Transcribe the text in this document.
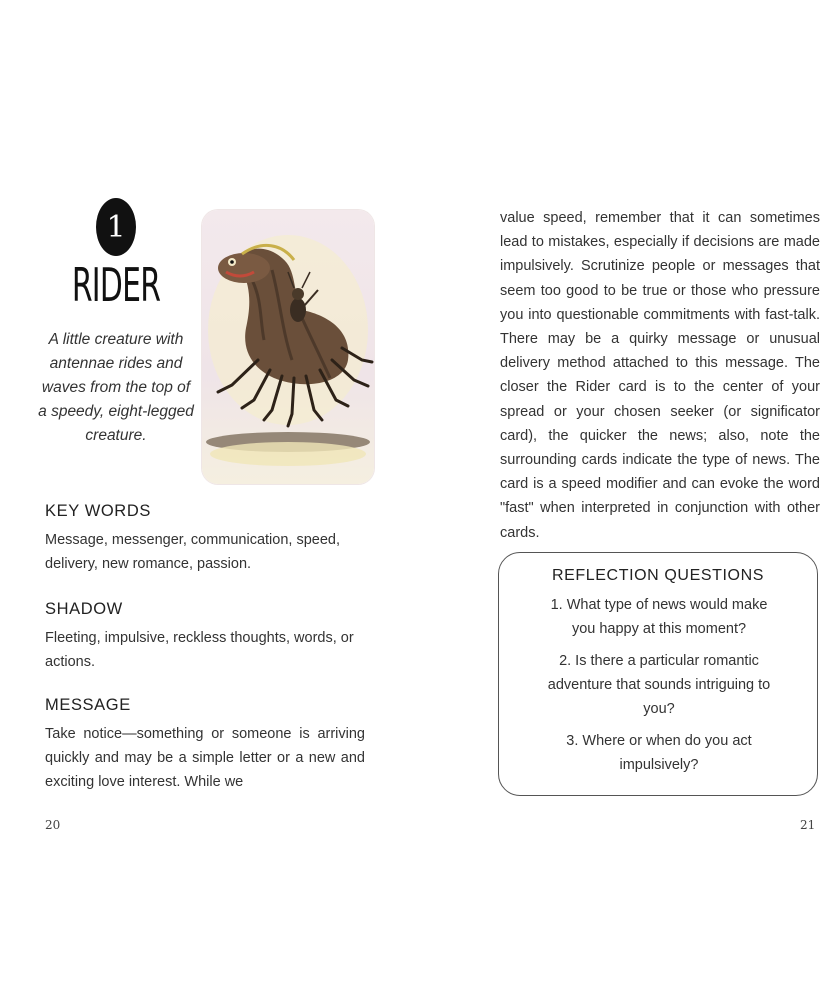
1
RIDER
A little creature with antennae rides and waves from the top of a speedy, eight-legged creature.
KEY WORDS
Message, messenger, communication, speed, delivery, new romance, passion.
SHADOW
Fleeting, impulsive, reckless thoughts, words, or actions.
MESSAGE
Take notice—something or someone is arriving quickly and may be a simple letter or a new and exciting love interest. While we
20
value speed, remember that it can sometimes lead to mistakes, especially if decisions are made impulsively. Scrutinize people or messages that seem too good to be true or those who pressure you into questionable commitments with fast-talk. There may be a quirky message or unusual delivery method attached to this message. The closer the Rider card is to the center of your spread or your chosen seeker (or significator card), the quicker the news; also, note the surrounding cards indicate the type of news. The card is a speed modifier and can evoke the word "fast" when interpreted in conjunction with other cards.
REFLECTION QUESTIONS
1. What type of news would make you happy at this moment?
2. Is there a particular romantic adventure that sounds intriguing to you?
3. Where or when do you act impulsively?
21
